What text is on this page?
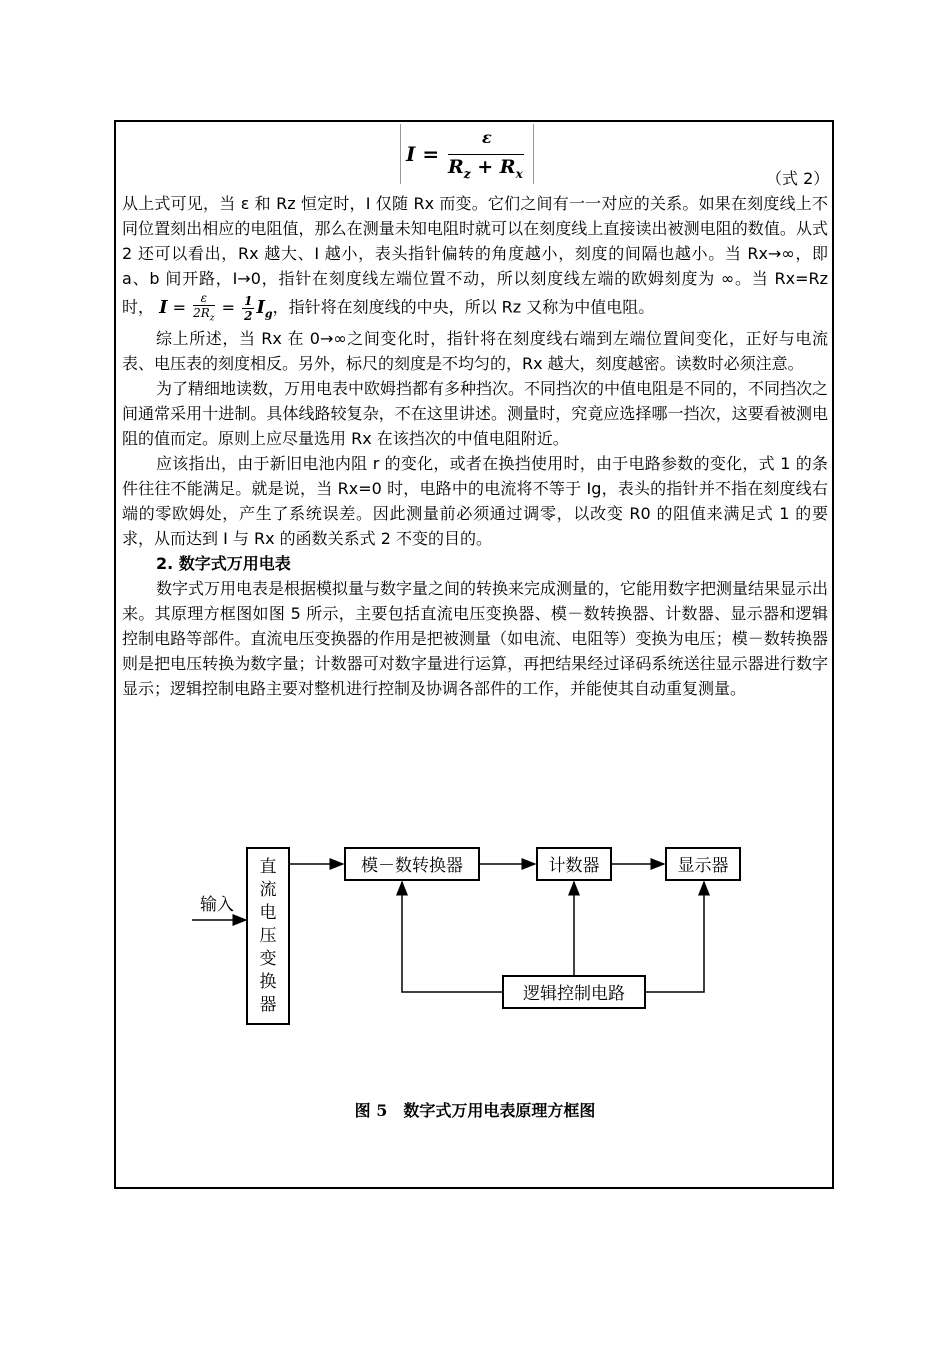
I =
ε
$R_z + R_x$	（式 2）

从上式可见，当 ε 和 Rz 恒定时，I 仅随 Rx 而变。它们之间有一一对应的关系。如果在刻度线上不同位置刻出相应的电阻值，那么在测量未知电阻时就可以在刻度线上直接读出被测电阻的数值。从式 2 还可以看出，Rx 越大、I 越小，表头指针偏转的角度越小，刻度的间隔也越小。当 Rx→∞，即 a、b 间开路，I→0，指针在刻度线左端位置不动，所以刻度线左端的欧姆刻度为 ∞。当 Rx=Rz 时， $I = \frac{\varepsilon}{2R_z} = \frac{1}{2} I_g$，指针将在刻度线的中央，所以 Rz 又称为中值电阻。

综上所述，当 Rx 在 0→∞之间变化时，指针将在刻度线右端到左端位置间变化，正好与电流表、电压表的刻度相反。另外，标尺的刻度是不均匀的，Rx 越大，刻度越密。读数时必须注意。

为了精细地读数，万用电表中欧姆挡都有多种挡次。不同挡次的中值电阻是不同的，不同挡次之间通常采用十进制。具体线路较复杂，不在这里讲述。测量时，究竟应选择哪一挡次，这要看被测电阻的值而定。原则上应尽量选用 Rx 在该挡次的中值电阻附近。

应该指出，由于新旧电池内阻 r 的变化，或者在换挡使用时，由于电路参数的变化，式 1 的条件往往不能满足。就是说，当 Rx=0 时，电路中的电流将不等于 Ig，表头的指针并不指在刻度线右端的零欧姆处，产生了系统误差。因此测量前必须通过调零，以改变 R0 的阻值来满足式 1 的要求，从而达到 I 与 Rx 的函数关系式 2 不变的目的。

2. 数字式万用电表

数字式万用电表是根据模拟量与数字量之间的转换来完成测量的，它能用数字把测量结果显示出来。其原理方框图如图 5 所示，主要包括直流电压变换器、模－数转换器、计数器、显示器和逻辑控制电路等部件。直流电压变换器的作用是把被测量（如电流、电阻等）变换为电压；模－数转换器则是把电压转换为数字量；计数器可对数字量进行运算，再把结果经过译码系统送往显示器进行数字显示；逻辑控制电路主要对整机进行控制及协调各部件的工作，并能使其自动重复测量。

输入
直
流
电
压
变
换
器
模－数转换器	计数器	显示器
逻辑控制电路
图 5　数字式万用电表原理方框图
